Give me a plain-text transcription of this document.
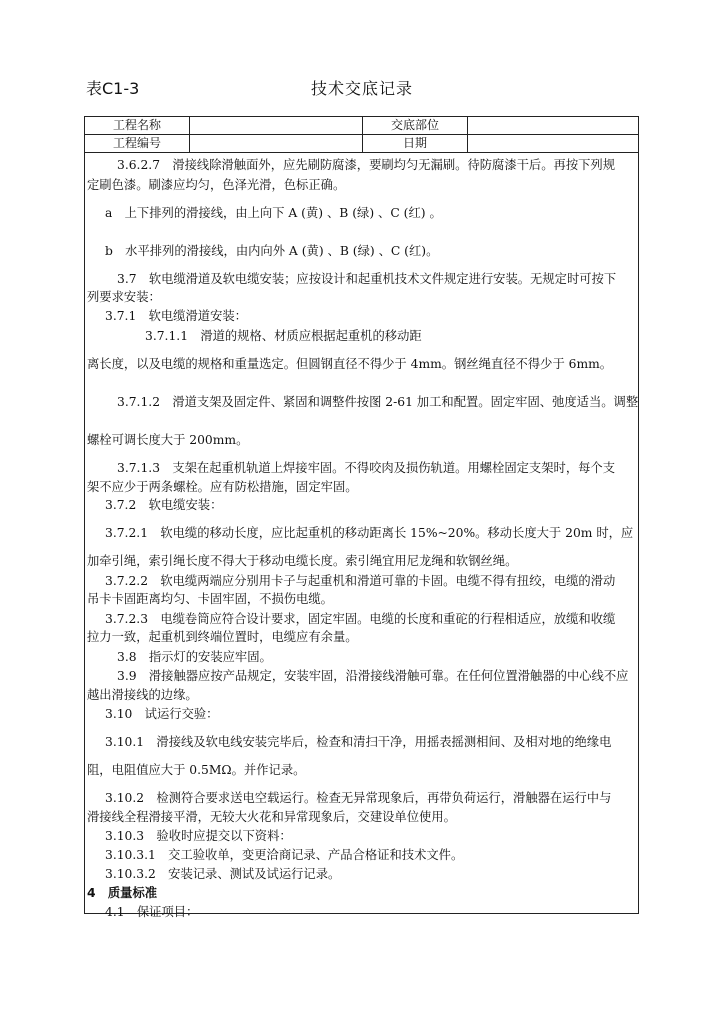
表C1-3	技术交底记录
工程名称	交底部位
工程编号	日期
3.6.2.7　滑接线除滑触面外，应先刷防腐漆，要刷均匀无漏刷。待防腐漆干后。再按下列规
定刷色漆。刷漆应均匀，色泽光滑，色标正确。
a　上下排列的滑接线，由上向下 A (黄) 、B (绿) 、C (红) 。
b　水平排列的滑接线，由内向外 A (黄) 、B (绿) 、C (红)。
3.7　软电缆滑道及软电缆安装；应按设计和起重机技术文件规定进行安装。无规定时可按下
列要求安装：
3.7.1　软电缆滑道安装：
3.7.1.1　滑道的规格、材质应根据起重机的移动距
离长度，以及电缆的规格和重量选定。但圆钢直径不得少于 4mm。钢丝绳直径不得少于 6mm。
3.7.1.2　滑道支架及固定件、紧固和调整件按图 2-61 加工和配置。固定牢固、弛度适当。调整
螺栓可调长度大于 200mm。
3.7.1.3　支架在起重机轨道上焊接牢固。不得咬肉及损伤轨道。用螺栓固定支架时，每个支
架不应少于两条螺栓。应有防松措施，固定牢固。
3.7.2　软电缆安装：
3.7.2.1　软电缆的移动长度，应比起重机的移动距离长 15%~20%。移动长度大于 20m 时，应
加牵引绳，索引绳长度不得大于移动电缆长度。索引绳宜用尼龙绳和软钢丝绳。
3.7.2.2　软电缆两端应分别用卡子与起重机和滑道可靠的卡固。电缆不得有扭绞，电缆的滑动
吊卡卡固距离均匀、卡固牢固，不损伤电缆。
3.7.2.3　电缆卷筒应符合设计要求，固定牢固。电缆的长度和重砣的行程相适应，放缆和收缆
拉力一致，起重机到终端位置时，电缆应有余量。
3.8　指示灯的安装应牢固。
3.9　滑接触器应按产品规定，安装牢固，沿滑接线滑触可靠。在任何位置滑触器的中心线不应
越出滑接线的边缘。
3.10　试运行交验：
3.10.1　滑接线及软电线安装完毕后，检查和清扫干净，用摇表摇测相间、及相对地的绝缘电
阻，电阻值应大于 0.5MΩ。并作记录。
3.10.2　检测符合要求送电空载运行。检查无异常现象后，再带负荷运行，滑触器在运行中与
滑接线全程滑接平滑，无较大火花和异常现象后，交建设单位使用。
3.10.3　验收时应提交以下资料：
3.10.3.1　交工验收单，变更洽商记录、产品合格证和技术文件。
3.10.3.2　安装记录、测试及试运行记录。
4　质量标准
4.1　保证项目：
